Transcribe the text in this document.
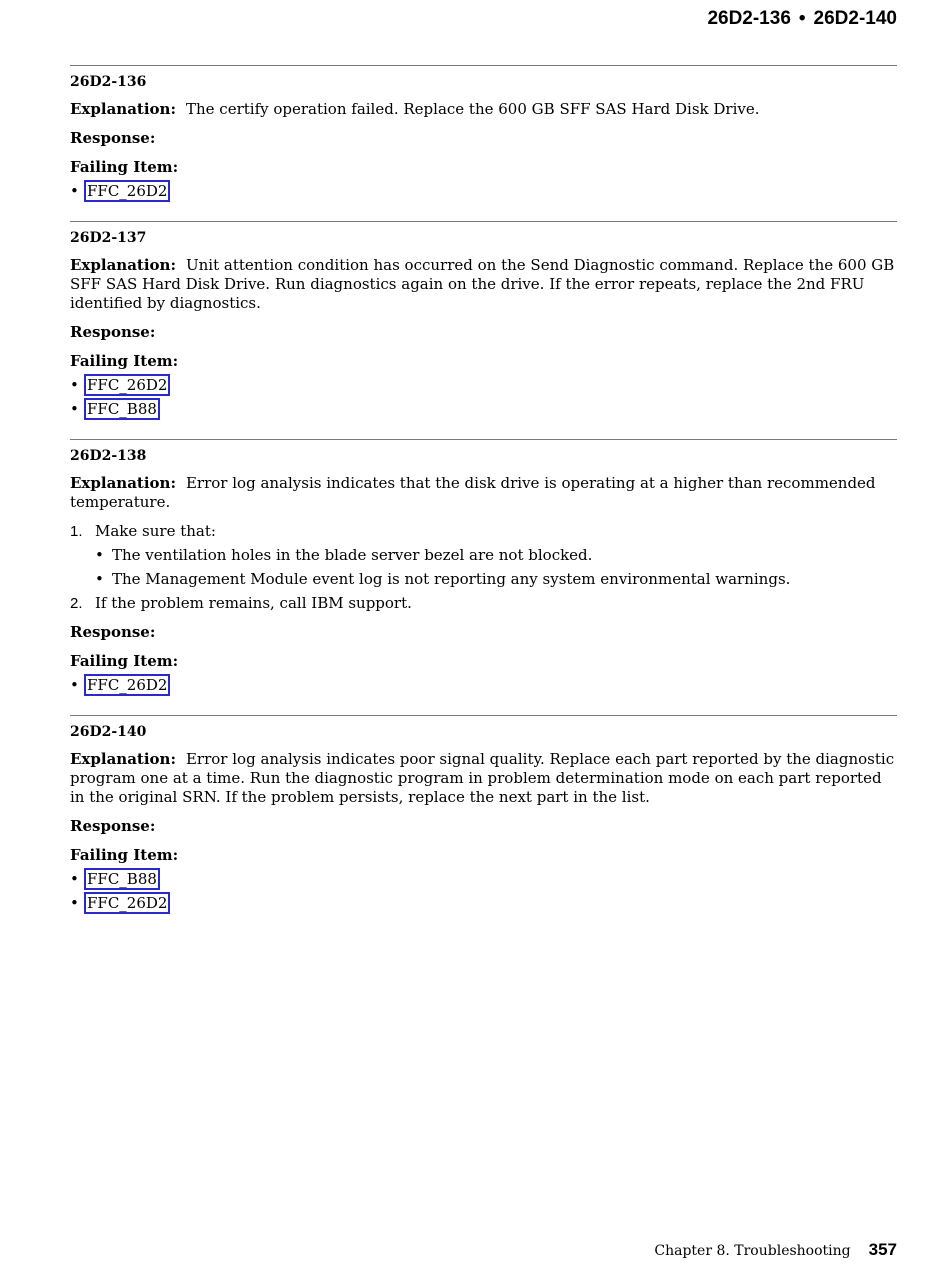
26D2-136 • 26D2-140
26D2-136
Explanation: The certify operation failed. Replace the 600 GB SFF SAS Hard Disk Drive.
Response:
Failing Item:
• FFC_26D2
26D2-137
Explanation: Unit attention condition has occurred on the Send Diagnostic command. Replace the 600 GB SFF SAS Hard Disk Drive. Run diagnostics again on the drive. If the error repeats, replace the 2nd FRU identified by diagnostics.
Response:
Failing Item:
• FFC_26D2
• FFC_B88
26D2-138
Explanation: Error log analysis indicates that the disk drive is operating at a higher than recommended temperature.
1. Make sure that:
• The ventilation holes in the blade server bezel are not blocked.
• The Management Module event log is not reporting any system environmental warnings.
2. If the problem remains, call IBM support.
Response:
Failing Item:
• FFC_26D2
26D2-140
Explanation: Error log analysis indicates poor signal quality. Replace each part reported by the diagnostic program one at a time. Run the diagnostic program in problem determination mode on each part reported in the original SRN. If the problem persists, replace the next part in the list.
Response:
Failing Item:
• FFC_B88
• FFC_26D2
Chapter 8. Troubleshooting 357
